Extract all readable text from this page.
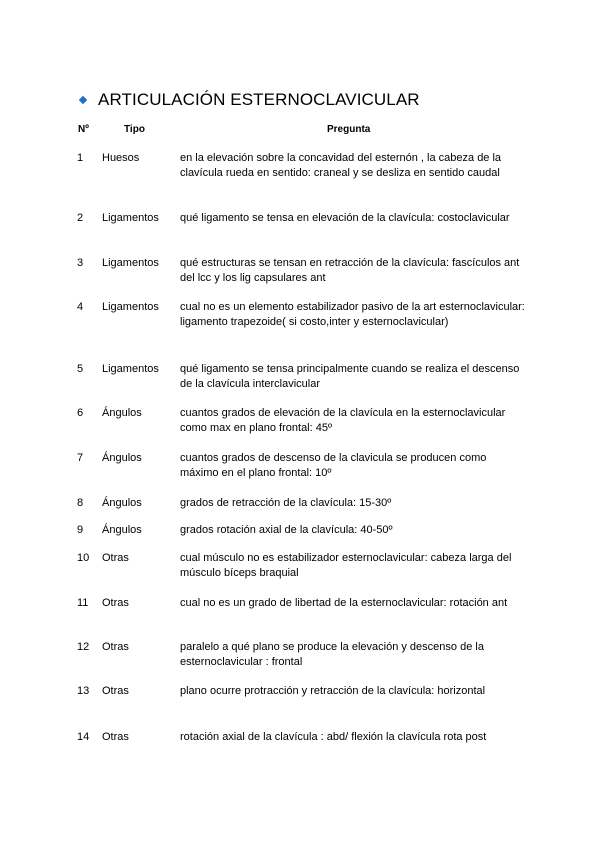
ARTICULACIÓN ESTERNOCLAVICULAR
Nº	Tipo	Pregunta
1 Huesos	en la elevación sobre la concavidad del esternón , la cabeza de la clavícula rueda en sentido: craneal y se desliza en sentido caudal
2 Ligamentos qué ligamento se tensa en elevación de la clavícula: costoclavicular
3 Ligamentos qué estructuras se tensan en retracción de la clavícula: fascículos ant del lcc y los lig capsulares ant
4 Ligamentos cual no es un elemento estabilizador pasivo de la art esternoclavicular: ligamento trapezoide( si costo,inter y esternoclavicular)
5 Ligamentos qué ligamento se tensa principalmente cuando se realiza el descenso de la clavícula interclavicular
6 Ángulos	cuantos grados de elevación de la clavícula en la esternoclavicular como max en plano frontal: 45º
7 Ángulos	cuantos grados de descenso de la clavicula se producen como máximo en el plano frontal: 10º
8 Ángulos	grados de retracción de la clavícula: 15-30º
9 Ángulos	grados rotación axial de la clavícula: 40-50º
10 Otras	cual músculo no es estabilizador esternoclavicular: cabeza larga del músculo bíceps braquial
11 Otras	cual no es un grado de libertad de la esternoclavicular: rotación ant
12 Otras	paralelo a qué plano se produce la elevación y descenso de la esternoclavicular : frontal
13 Otras	plano ocurre protracción y retracción de la clavícula: horizontal
14 Otras	rotación axial de la clavícula : abd/ flexión la clavícula rota post
